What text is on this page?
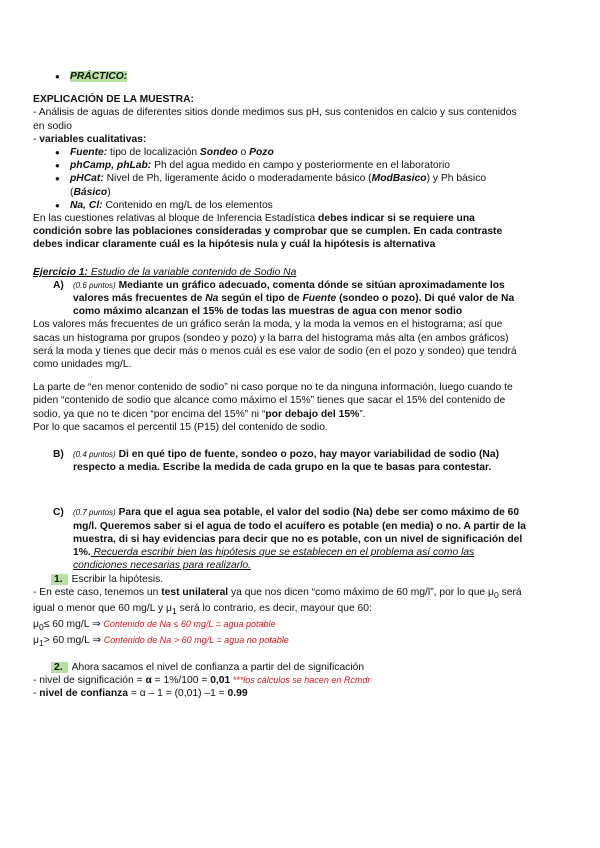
● PRÁCTICO:
EXPLICACIÓN DE LA MUESTRA:
- Análisis de aguas de diferentes sitios donde medimos sus pH, sus contenidos en calcio y sus contenidos
en sodio
- variables cualitativas:
● Fuente: tipo de localización Sondeo o Pozo
● phCamp, phLab: Ph del agua medido en campo y posteriormente en el laboratorio
● pHCat: Nivel de Ph, ligeramente ácido o moderadamente básico (ModBasico) y Ph básico
(Básico)
● Na, Cl: Contenido en mg/L de los elementos
En las cuestiones relativas al bloque de Inferencia Estadística debes indicar si se requiere una
condición sobre las poblaciones consideradas y comprobar que se cumplen. En cada contraste
debes indicar claramente cuál es la hipótesis nula y cuál la hipótesis is alternativa
Ejercicio 1: Estudio de la variable contenido de Sodio Na
A) (0.6 puntos) Mediante un gráfico adecuado, comenta dónde se sitúan aproximadamente los
valores más frecuentes de Na según el tipo de Fuente (sondeo o pozo). Di qué valor de Na
como máximo alcanzan el 15% de todas las muestras de agua con menor sodio
Los valores más frecuentes de un gráfico serán la moda, y la moda la vemos en el histograma; así que
sacas un histograma por grupos (sondeo y pozo) y la barra del histograma más alta (en ambos gráficos)
será la moda y tienes que decir más o menos cuál es ese valor de sodio (en el pozo y sondeo) que tendrá
como unidades mg/L.
La parte de “en menor contenido de sodio” ni caso porque no te da ninguna información, luego cuando te
piden “contenido de sodio que alcance como máximo el 15%” tienes que sacar el 15% del contenido de
sodio, ya que no te dicen “por encima del 15%” ni “por debajo del 15%”.
Por lo que sacamos el percentil 15 (P15) del contenido de sodio.
B) (0.4 puntos) Di en qué tipo de fuente, sondeo o pozo, hay mayor variabilidad de sodio (Na)
respecto a media. Escribe la medida de cada grupo en la que te basas para contestar.
C) (0.7 puntos) Para que el agua sea potable, el valor del sodio (Na) debe ser como máximo de 60
mg/l. Queremos saber si el agua de todo el acuífero es potable (en media) o no. A partir de la
muestra, di si hay evidencias para decir que no es potable, con un nivel de significación del
1%. Recuerda escribir bien las hipótesis que se establecen en el problema así como las
condiciones necesarias para realizarlo.
1. Escribir la hipótesis.
- En este caso, tenemos un test unilateral ya que nos dicen “como máximo de 60 mg/l”, por lo que $\mu_0$ será
igual o menor que 60 mg/L y $\mu_1$ será lo contrario, es decir, mayour que 60:
$\mu_0\le 60$ mg/L ⇒ Contenido de Na ≤ 60 mg/L = agua potable
$\mu_1> 60$ mg/L ⇒ Contenido de Na > 60 mg/L = agua no potable
2. Ahora sacamos el nivel de confianza a partir del de significación
- nivel de significación = α = 1%/100 = 0,01 ***los cálculos se hacen en Rcmdr
- nivel de confianza = α – 1 = (0,01) –1 = 0.99
